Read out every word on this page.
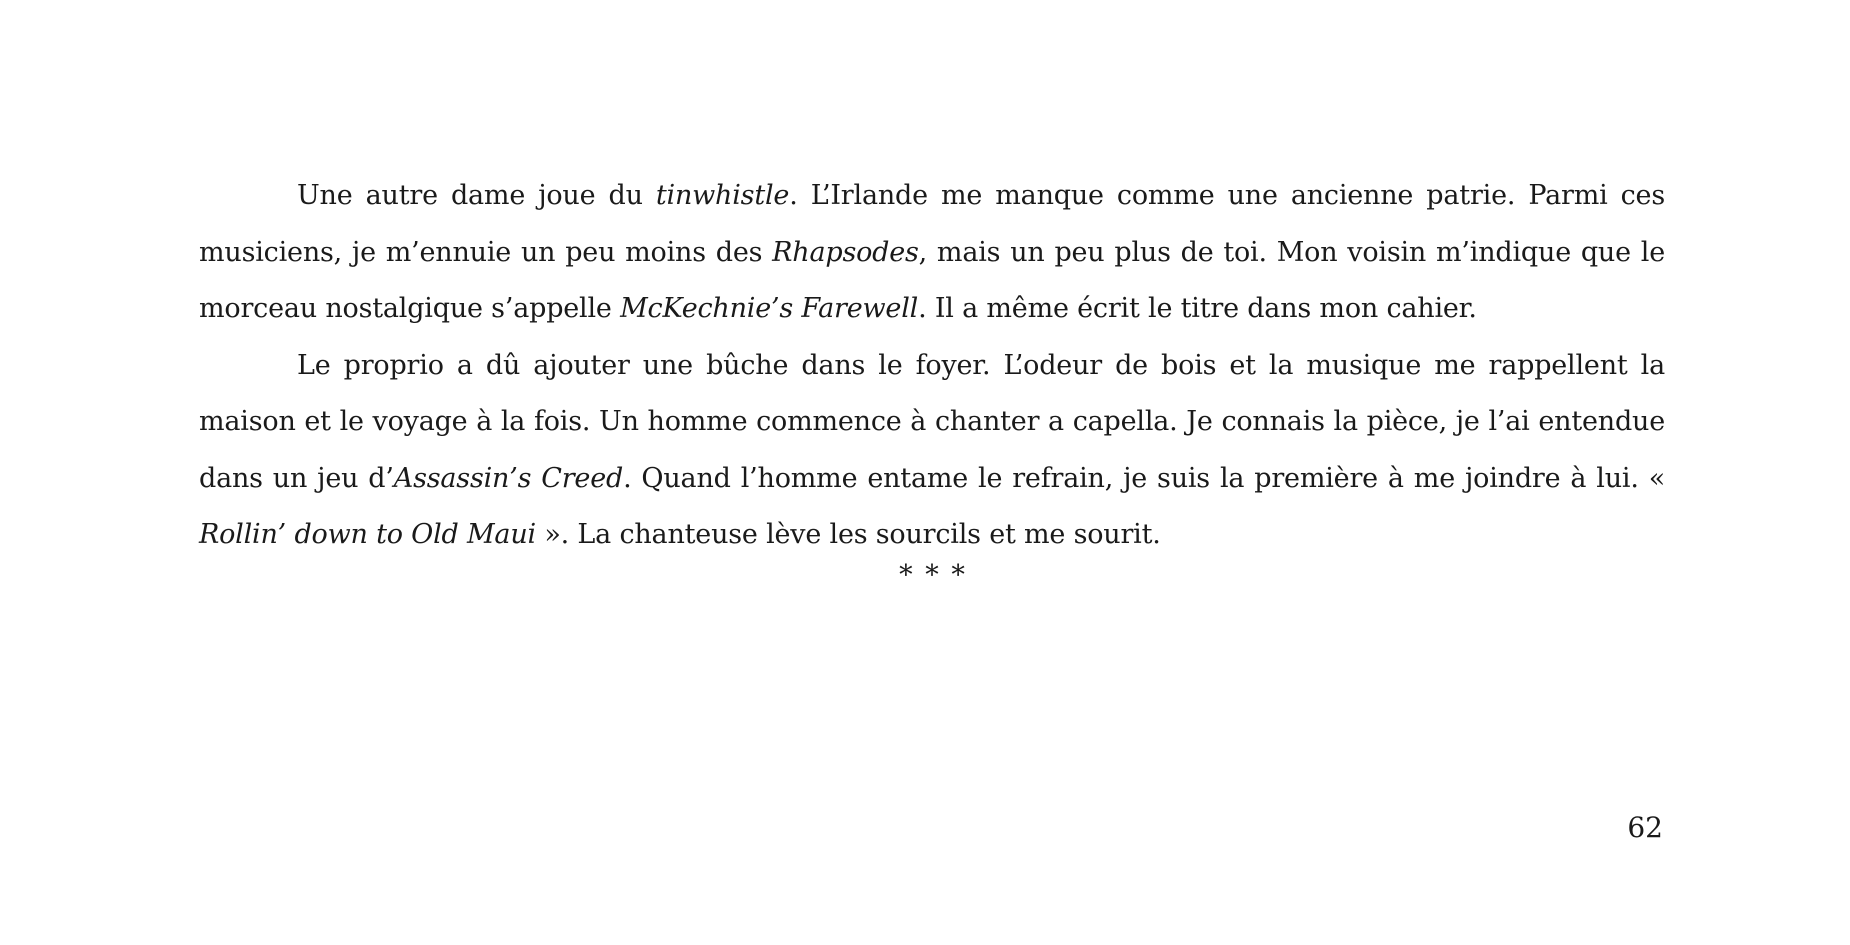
Une autre dame joue du tinwhistle. L’Irlande me manque comme une ancienne patrie. Parmi ces musiciens, je m’ennuie un peu moins des Rhapsodes, mais un peu plus de toi. Mon voisin m’indique que le morceau nostalgique s’appelle McKechnie’s Farewell. Il a même écrit le titre dans mon cahier.

Le proprio a dû ajouter une bûche dans le foyer. L’odeur de bois et la musique me rappellent la maison et le voyage à la fois. Un homme commence à chanter a capella. Je connais la pièce, je l’ai entendue dans un jeu d’Assassin’s Creed. Quand l’homme entame le refrain, je suis la première à me joindre à lui. « Rollin’ down to Old Maui ». La chanteuse lève les sourcils et me sourit.

* * *
62
